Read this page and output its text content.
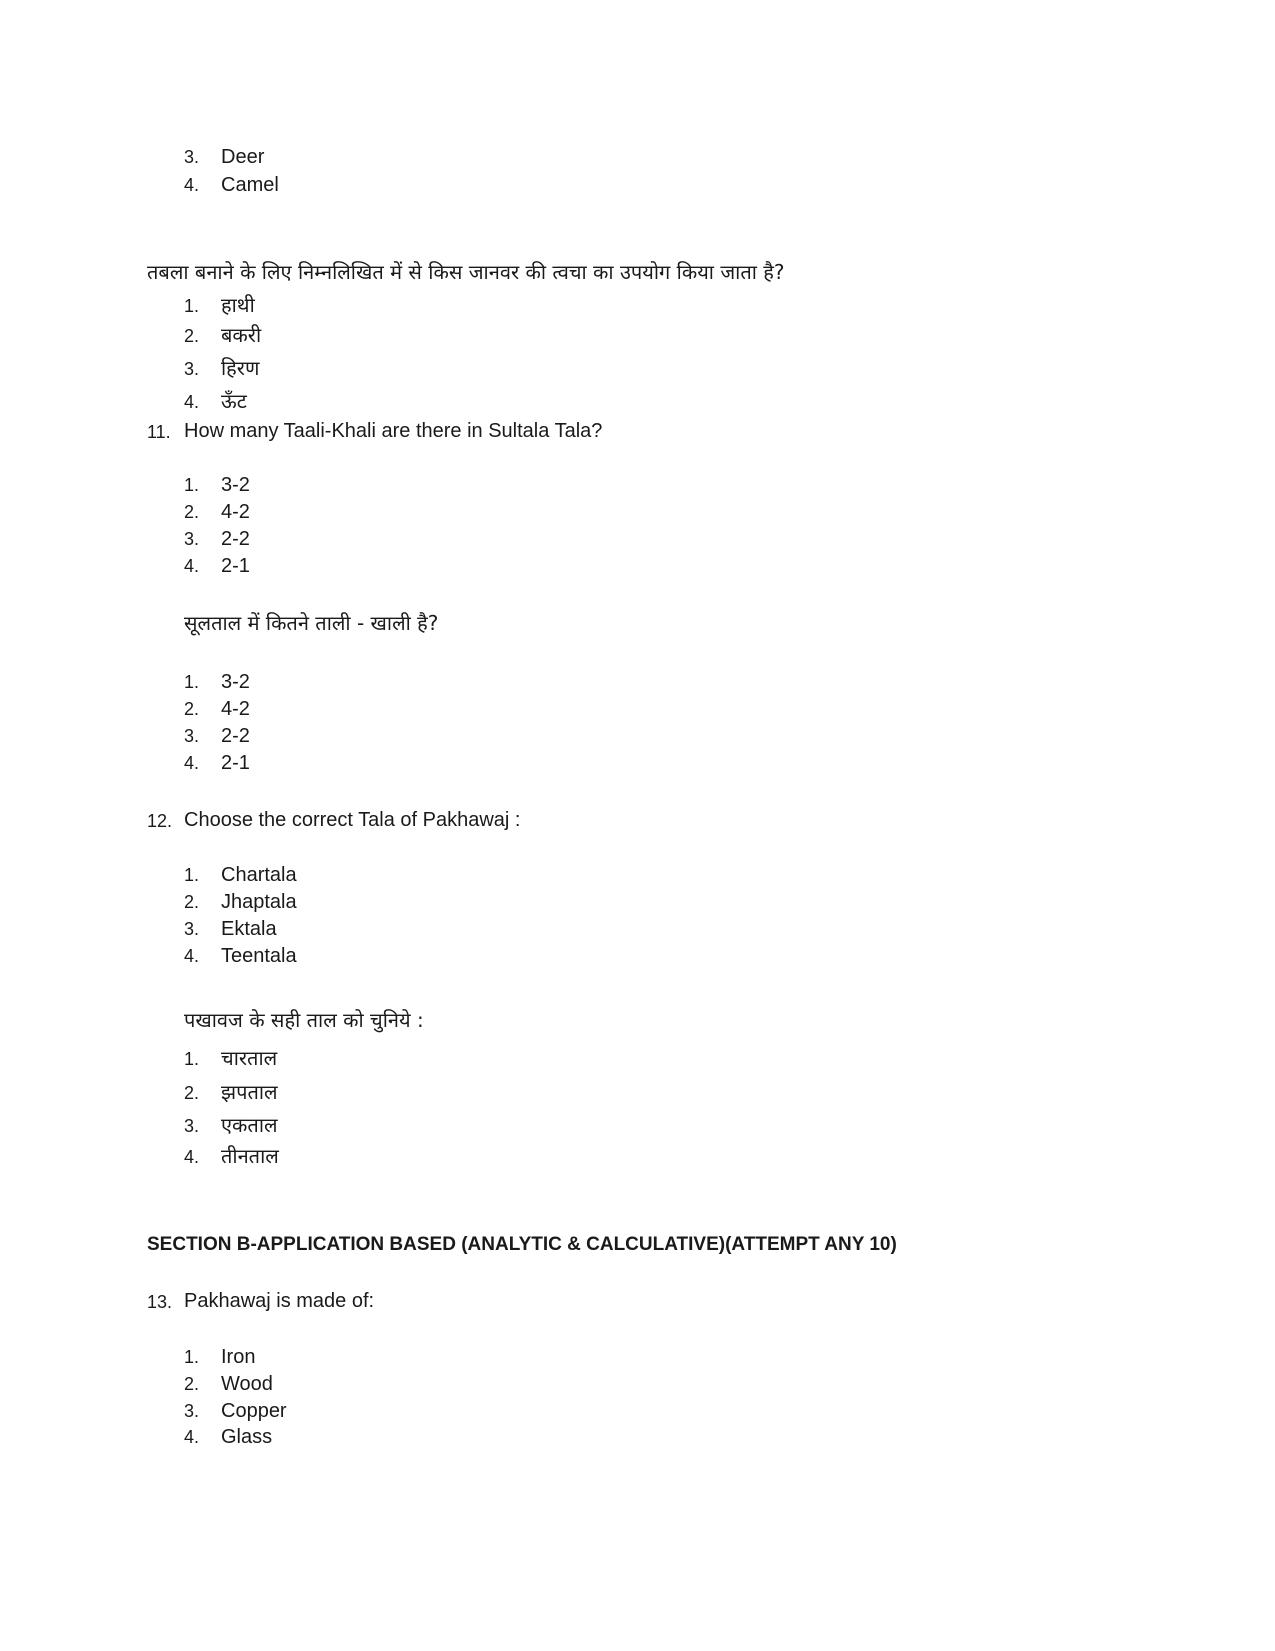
3. Deer
4. Camel
तबला बनाने के लिए निम्नलिखित में से किस जानवर की त्वचा का उपयोग किया जाता है?
1. हाथी
2. बकरी
3. हिरण
4. ऊँट
11. How many Taali-Khali are there in Sultala Tala?
1. 3-2
2. 4-2
3. 2-2
4. 2-1
सूलताल में कितने ताली - खाली है?
1. 3-2
2. 4-2
3. 2-2
4. 2-1
12. Choose the correct Tala of Pakhawaj :
1. Chartala
2. Jhaptala
3. Ektala
4. Teentala
पखावज के सही ताल को चुनिये :
1. चारताल
2. झपताल
3. एकताल
4. तीनताल
SECTION B-APPLICATION BASED (ANALYTIC & CALCULATIVE)(ATTEMPT ANY 10)
13. Pakhawaj is made of:
1. Iron
2. Wood
3. Copper
4. Glass
